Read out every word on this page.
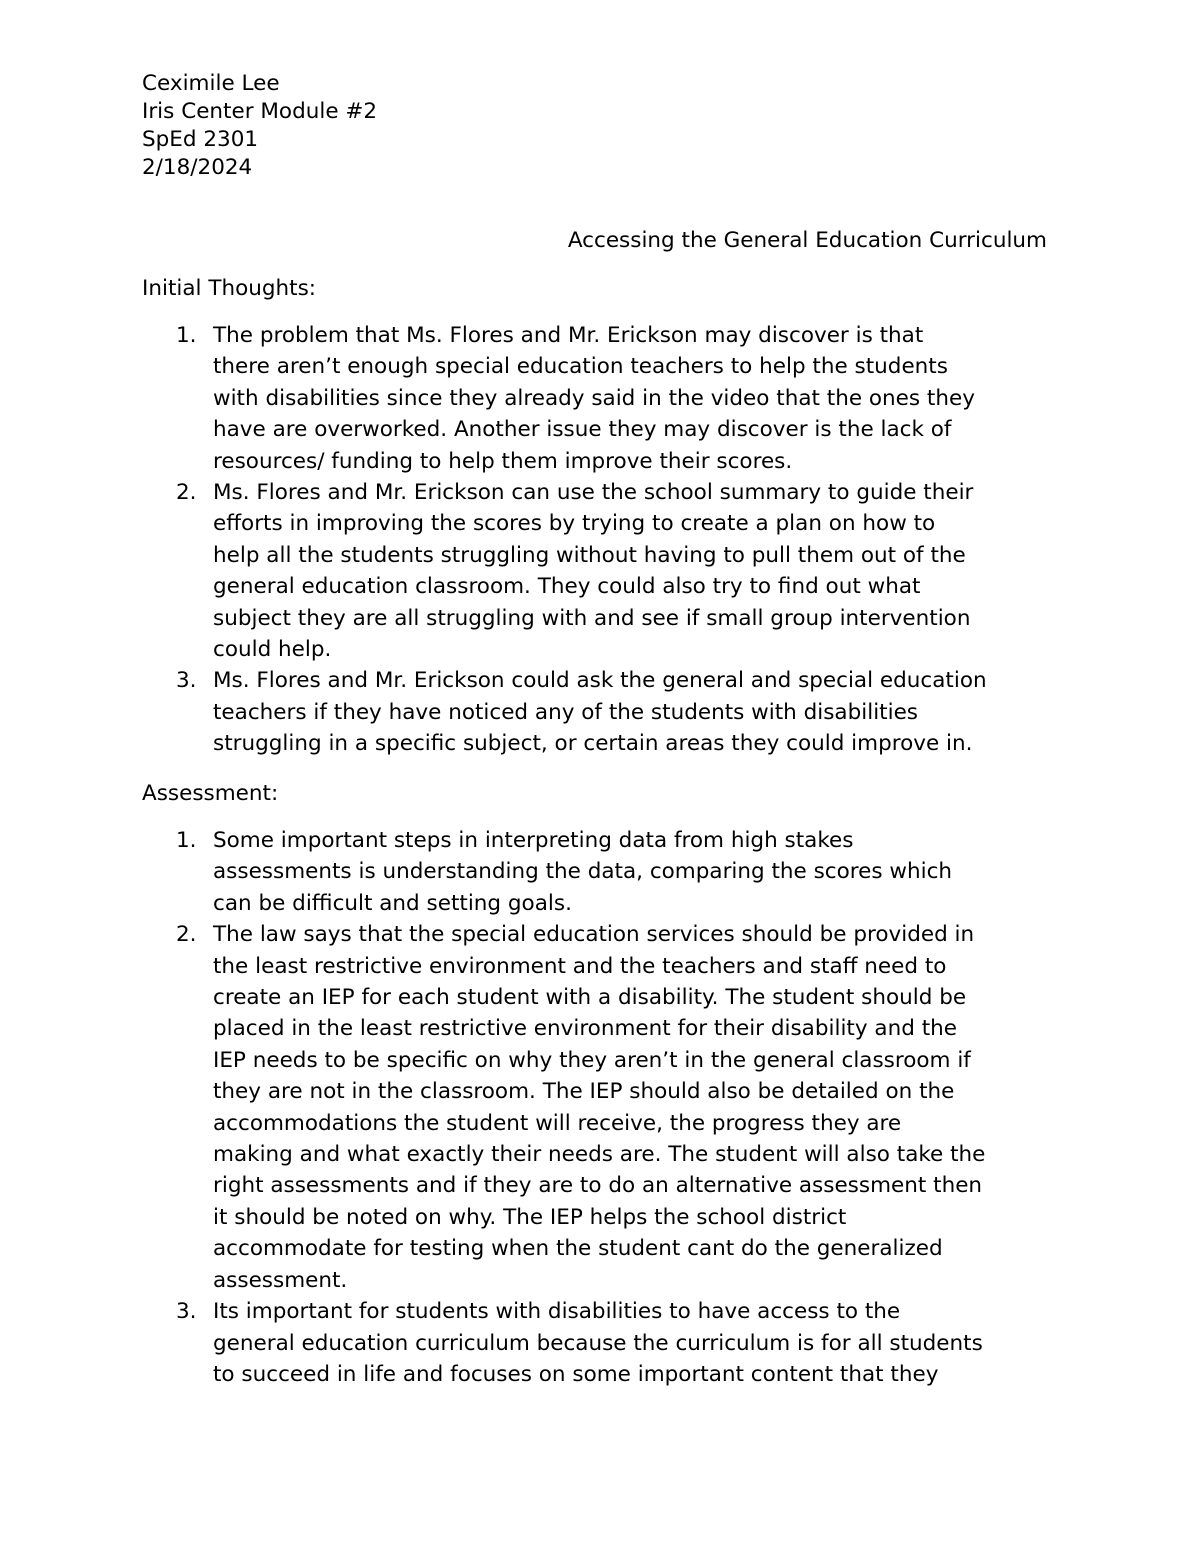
Ceximile Lee
Iris Center Module #2
SpEd 2301
2/18/2024
Accessing the General Education Curriculum
Initial Thoughts:
1. The problem that Ms. Flores and Mr. Erickson may discover is that
there aren’t enough special education teachers to help the students
with disabilities since they already said in the video that the ones they
have are overworked. Another issue they may discover is the lack of
resources/ funding to help them improve their scores.
2. Ms. Flores and Mr. Erickson can use the school summary to guide their
efforts in improving the scores by trying to create a plan on how to
help all the students struggling without having to pull them out of the
general education classroom. They could also try to find out what
subject they are all struggling with and see if small group intervention
could help.
3. Ms. Flores and Mr. Erickson could ask the general and special education
teachers if they have noticed any of the students with disabilities
struggling in a specific subject, or certain areas they could improve in.
Assessment:
1. Some important steps in interpreting data from high stakes
assessments is understanding the data, comparing the scores which
can be difficult and setting goals.
2. The law says that the special education services should be provided in
the least restrictive environment and the teachers and staff need to
create an IEP for each student with a disability. The student should be
placed in the least restrictive environment for their disability and the
IEP needs to be specific on why they aren’t in the general classroom if
they are not in the classroom. The IEP should also be detailed on the
accommodations the student will receive, the progress they are
making and what exactly their needs are. The student will also take the
right assessments and if they are to do an alternative assessment then
it should be noted on why. The IEP helps the school district
accommodate for testing when the student cant do the generalized
assessment.
3. Its important for students with disabilities to have access to the
general education curriculum because the curriculum is for all students
to succeed in life and focuses on some important content that they
